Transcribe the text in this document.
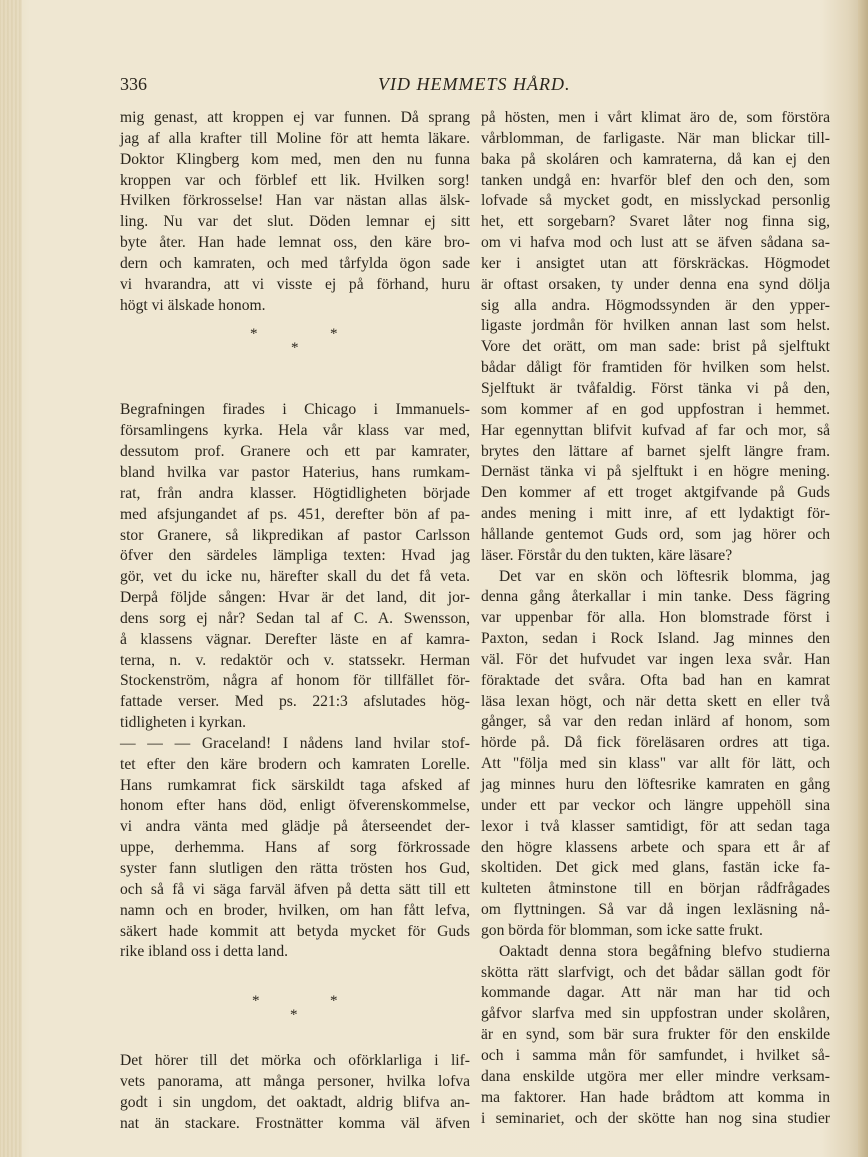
336	VID HEMMETS HÅRD.
mig genast, att kroppen ej var funnen. Då sprang
jag af alla krafter till Moline för att hemta läkare.
Doktor Klingberg kom med, men den nu funna
kroppen var och förblef ett lik. Hvilken sorg!
Hvilken förkrosselse! Han var nästan allas älsk-
ling. Nu var det slut. Döden lemnar ej sitt
byte åter. Han hade lemnat oss, den käre bro-
dern och kamraten, och med tårfylda ögon sade
vi hvarandra, att vi visste ej på förhand, huru
högt vi älskade honom.
*	*
*
Begrafningen firades i Chicago i Immanuels-
församlingens kyrka. Hela vår klass var med,
dessutom prof. Granere och ett par kamrater,
bland hvilka var pastor Haterius, hans rumkam-
rat, från andra klasser. Högtidligheten började
med afsjungandet af ps. 451, derefter bön af pa-
stor Granere, så likpredikan af pastor Carlsson
öfver den särdeles lämpliga texten: Hvad jag
gör, vet du icke nu, härefter skall du det få veta.
Derpå följde sången: Hvar är det land, dit jor-
dens sorg ej når? Sedan tal af C. A. Swensson,
å klassens vägnar. Derefter läste en af kamra-
terna, n. v. redaktör och v. statssekr. Herman
Stockenström, några af honom för tillfället för-
fattade verser. Med ps. 221:3 afslutades hög-
tidligheten i kyrkan.
— — — Graceland! I nådens land hvilar stof-
tet efter den käre brodern och kamraten Lorelle.
Hans rumkamrat fick särskildt taga afsked af
honom efter hans död, enligt öfverenskommelse,
vi andra vänta med glädje på återseendet der-
uppe, derhemma. Hans af sorg förkrossade
syster fann slutligen den rätta trösten hos Gud,
och så få vi säga farväl äfven på detta sätt till ett
namn och en broder, hvilken, om han fått lefva,
säkert hade kommit att betyda mycket för Guds
rike ibland oss i detta land.
*	*
*
Det hörer till det mörka och oförklarliga i lif-
vets panorama, att många personer, hvilka lofva
godt i sin ungdom, det oaktadt, aldrig blifva an-
nat än stackare. Frostnätter komma väl äfven
på hösten, men i vårt klimat äro de, som förstöra
vårblomman, de farligaste. När man blickar till-
baka på skoláren och kamraterna, då kan ej den
tanken undgå en: hvarför blef den och den, som
lofvade så mycket godt, en misslyckad personlig
het, ett sorgebarn? Svaret låter nog finna sig,
om vi hafva mod och lust att se äfven sådana sa-
ker i ansigtet utan att förskräckas. Högmodet
är oftast orsaken, ty under denna ena synd dölja
sig alla andra. Högmodssynden är den ypper-
ligaste jordmån för hvilken annan last som helst.
Vore det orätt, om man sade: brist på sjelftukt
bådar dåligt för framtiden för hvilken som helst.
Sjelftukt är tvåfaldig. Först tänka vi på den,
som kommer af en god uppfostran i hemmet.
Har egennyttan blifvit kufvad af far och mor, så
brytes den lättare af barnet sjelft längre fram.
Dernäst tänka vi på sjelftukt i en högre mening.
Den kommer af ett troget aktgifvande på Guds
andes mening i mitt inre, af ett lydaktigt för-
hållande gentemot Guds ord, som jag hörer och
läser. Förstår du den tukten, käre läsare?
Det var en skön och löftesrik blomma, jag
denna gång återkallar i min tanke. Dess fägring
var uppenbar för alla. Hon blomstrade först i
Paxton, sedan i Rock Island. Jag minnes den
väl. För det hufvudet var ingen lexa svår. Han
föraktade det svåra. Ofta bad han en kamrat
läsa lexan högt, och när detta skett en eller två
gånger, så var den redan inlärd af honom, som
hörde på. Då fick föreläsaren ordres att tiga.
Att "följa med sin klass" var allt för lätt, och
jag minnes huru den löftesrike kamraten en gång
under ett par veckor och längre uppehöll sina
lexor i två klasser samtidigt, för att sedan taga
den högre klassens arbete och spara ett år af
skoltiden. Det gick med glans, fastän icke fa-
kulteten åtminstone till en början rådfrågades
om flyttningen. Så var då ingen lexläsning nå-
gon börda för blomman, som icke satte frukt.
Oaktadt denna stora begåfning blefvo studierna
skötta rätt slarfvigt, och det bådar sällan godt för
kommande dagar. Att när man har tid och
gåfvor slarfva med sin uppfostran under skolåren,
är en synd, som bär sura frukter för den enskilde
och i samma mån för samfundet, i hvilket så-
dana enskilde utgöra mer eller mindre verksam-
ma faktorer. Han hade brådtom att komma in
i seminariet, och der skötte han nog sina studier
